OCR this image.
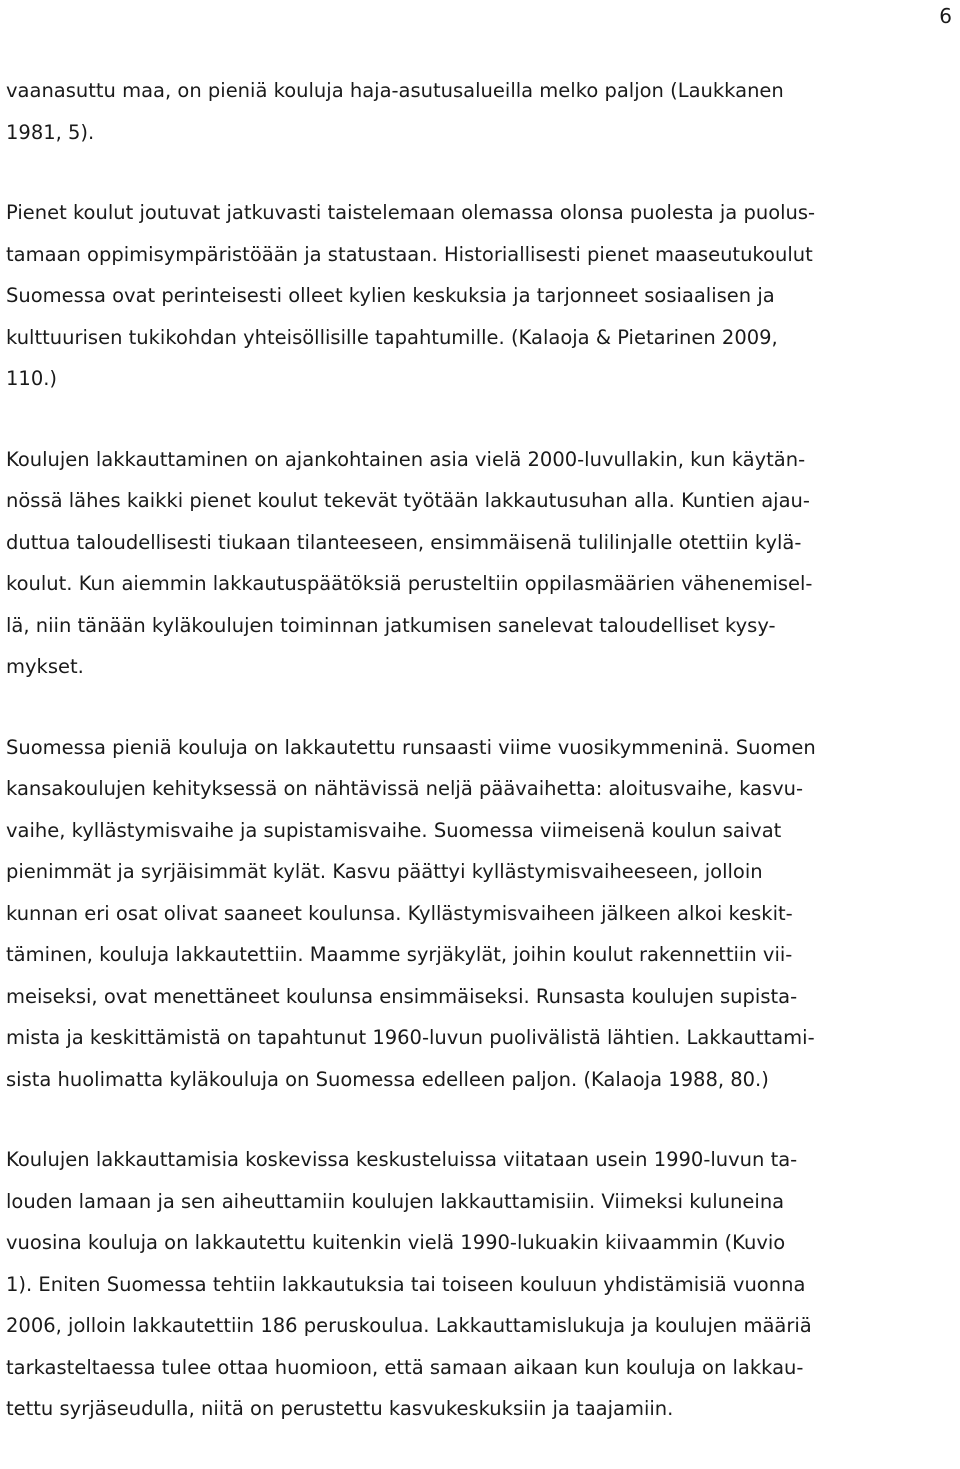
6

vaanasuttu maa, on pieniä kouluja haja-asutusalueilla melko paljon (Laukkanen
1981, 5).

Pienet koulut joutuvat jatkuvasti taistelemaan olemassa olonsa puolesta ja puolus-
tamaan oppimisympäristöään ja statustaan. Historiallisesti pienet maaseutukoulut
Suomessa ovat perinteisesti olleet kylien keskuksia ja tarjonneet sosiaalisen ja
kulttuurisen tukikohdan yhteisöllisille tapahtumille. (Kalaoja & Pietarinen 2009,
110.)

Koulujen lakkauttaminen on ajankohtainen asia vielä 2000-luvullakin, kun käytän-
nössä lähes kaikki pienet koulut tekevät työtään lakkautusuhan alla. Kuntien ajau-
duttua taloudellisesti tiukaan tilanteeseen, ensimmäisenä tulilinjalle otettiin kylä-
koulut. Kun aiemmin lakkautuspäätöksiä perusteltiin oppilasmäärien vähenemisel-
lä, niin tänään kyläkoulujen toiminnan jatkumisen sanelevat taloudelliset kysy-
mykset.

Suomessa pieniä kouluja on lakkautettu runsaasti viime vuosikymmeninä. Suomen
kansakoulujen kehityksessä on nähtävissä neljä päävaihetta: aloitusvaihe, kasvu-
vaihe, kyllästymisvaihe ja supistamisvaihe. Suomessa viimeisenä koulun saivat
pienimmät ja syrjäisimmät kylät. Kasvu päättyi kyllästymisvaiheeseen, jolloin
kunnan eri osat olivat saaneet koulunsa. Kyllästymisvaiheen jälkeen alkoi keskit-
täminen, kouluja lakkautettiin. Maamme syrjäkylät, joihin koulut rakennettiin vii-
meiseksi, ovat menettäneet koulunsa ensimmäiseksi. Runsasta koulujen supista-
mista ja keskittämistä on tapahtunut 1960-luvun puolivälistä lähtien. Lakkauttami-
sista huolimatta kyläkouluja on Suomessa edelleen paljon. (Kalaoja 1988, 80.)

Koulujen lakkauttamisia koskevissa keskusteluissa viitataan usein 1990-luvun ta-
louden lamaan ja sen aiheuttamiin koulujen lakkauttamisiin. Viimeksi kuluneina
vuosina kouluja on lakkautettu kuitenkin vielä 1990-lukuakin kiivaammin (Kuvio
1). Eniten Suomessa tehtiin lakkautuksia tai toiseen kouluun yhdistämisiä vuonna
2006, jolloin lakkautettiin 186 peruskoulua. Lakkauttamislukuja ja koulujen määriä
tarkasteltaessa tulee ottaa huomioon, että samaan aikaan kun kouluja on lakkau-
tettu syrjäseudulla, niitä on perustettu kasvukeskuksiin ja taajamiin.
